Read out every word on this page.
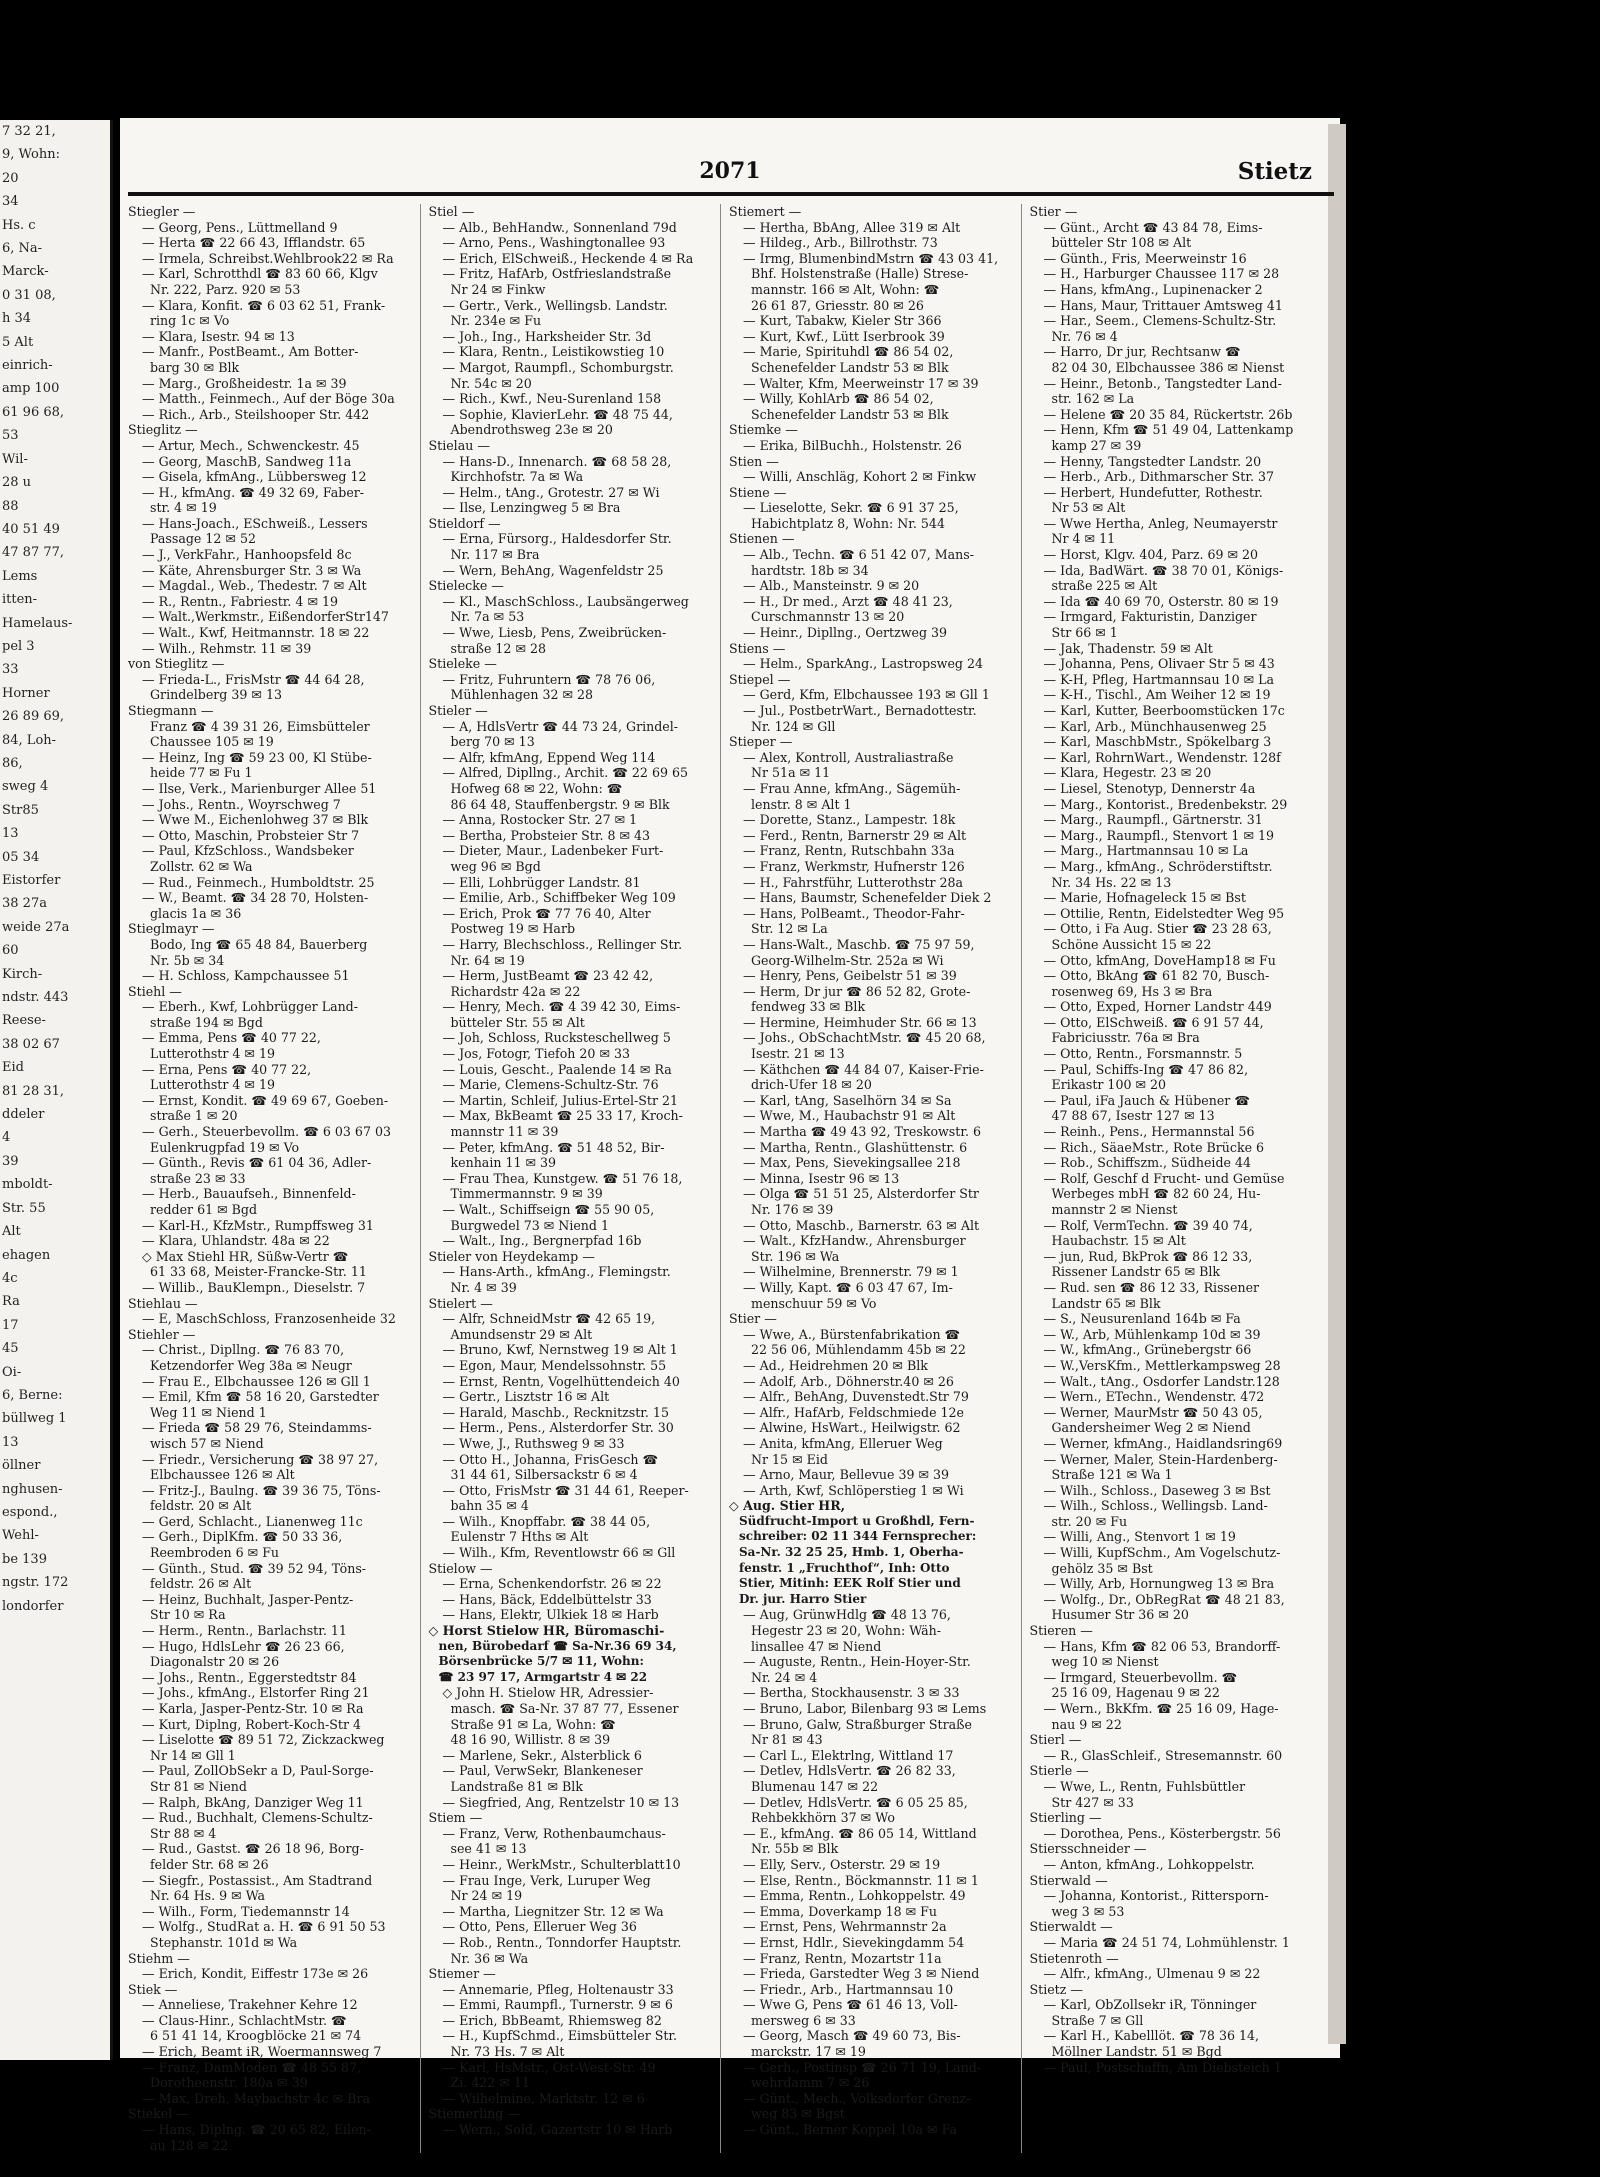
7 32 21,
9, Wohn:
20
34
Hs. c
6, Na-
Marck-
0 31 08,
h 34
5 Alt
einrich-
amp 100
61 96 68,
53
Wil-
28 u
88
40 51 49
47 87 77,
Lems
itten-
Hamelaus-
pel 3
33
Horner
26 89 69,
84, Loh-
86,
sweg 4
Str85
13
05 34
Eistorfer
38 27a
weide 27a
60
Kirch-
ndstr. 443
Reese-
38 02 67
Eid
81 28 31,
ddeler
4
39
mboldt-
Str. 55
Alt
ehagen
4c
Ra
17
45
Oi-
6, Berne:
büllweg 1
13
öllner
nghusen-
espond.,
Wehl-
be 139
ngstr. 172
londorfer
2071	Stietz
Stiegler —
— Georg, Pens., Lüttmelland 9
— Herta ☎ 22 66 43, Ifflandstr. 65
— Irmela, Schreibst.Wehlbrook22 ✉ Ra
— Karl, Schrotthdl ☎ 83 60 66, Klgv
Nr. 222, Parz. 920 ✉ 53
— Klara, Konfit. ☎ 6 03 62 51, Frank-
ring 1c ✉ Vo
— Klara, Isestr. 94 ✉ 13
— Manfr., PostBeamt., Am Botter-
barg 30 ✉ Blk
— Marg., Großheidestr. 1a ✉ 39
— Matth., Feinmech., Auf der Böge 30a
— Rich., Arb., Steilshooper Str. 442
Stieglitz —
— Artur, Mech., Schwenckestr. 45
— Georg, MaschB, Sandweg 11a
— Gisela, kfmAng., Lübbersweg 12
— H., kfmAng. ☎ 49 32 69, Faber-
str. 4 ✉ 19
— Hans-Joach., ESchweiß., Lessers
Passage 12 ✉ 52
— J., VerkFahr., Hanhoopsfeld 8c
— Käte, Ahrensburger Str. 3 ✉ Wa
— Magdal., Web., Thedestr. 7 ✉ Alt
— R., Rentn., Fabriestr. 4 ✉ 19
— Walt.,Werkmstr., EißendorferStr147
— Walt., Kwf, Heitmannstr. 18 ✉ 22
— Wilh., Rehmstr. 11 ✉ 39
von Stieglitz —
— Frieda-L., FrisMstr ☎ 44 64 28,
Grindelberg 39 ✉ 13
Stiegmann —
Franz ☎ 4 39 31 26, Eimsbütteler
Chaussee 105 ✉ 19
— Heinz, Ing ☎ 59 23 00, Kl Stübe-
heide 77 ✉ Fu 1
— Ilse, Verk., Marienburger Allee 51
— Johs., Rentn., Woyrschweg 7
— Wwe M., Eichenlohweg 37 ✉ Blk
— Otto, Maschin, Probsteier Str 7
— Paul, KfzSchloss., Wandsbeker
Zollstr. 62 ✉ Wa
— Rud., Feinmech., Humboldtstr. 25
— W., Beamt. ☎ 34 28 70, Holsten-
glacis 1a ✉ 36
Stieglmayr —
Bodo, Ing ☎ 65 48 84, Bauerberg
Nr. 5b ✉ 34
— H. Schloss, Kampchaussee 51
Stiehl —
— Eberh., Kwf, Lohbrügger Land-
straße 194 ✉ Bgd
— Emma, Pens ☎ 40 77 22,
Lutterothstr 4 ✉ 19
— Erna, Pens ☎ 40 77 22,
Lutterothstr 4 ✉ 19
— Ernst, Kondit. ☎ 49 69 67, Goeben-
straße 1 ✉ 20
— Gerh., Steuerbevollm. ☎ 6 03 67 03
Eulenkrugpfad 19 ✉ Vo
— Günth., Revis ☎ 61 04 36, Adler-
straße 23 ✉ 33
— Herb., Bauaufseh., Binnenfeld-
redder 61 ✉ Bgd
— Karl-H., KfzMstr., Rumpffsweg 31
— Klara, Uhlandstr. 48a ✉ 22
◇ Max Stiehl HR, Süßw-Vertr ☎
61 33 68, Meister-Francke-Str. 11
— Willib., BauKlempn., Dieselstr. 7
Stiehlau —
— E, MaschSchloss, Franzosenheide 32
Stiehler —
— Christ., Dipllng. ☎ 76 83 70,
Ketzendorfer Weg 38a ✉ Neugr
— Frau E., Elbchaussee 126 ✉ Gll 1
— Emil, Kfm ☎ 58 16 20, Garstedter
Weg 11 ✉ Niend 1
— Frieda ☎ 58 29 76, Steindamms-
wisch 57 ✉ Niend
— Friedr., Versicherung ☎ 38 97 27,
Elbchaussee 126 ✉ Alt
— Fritz-J., Baulng. ☎ 39 36 75, Töns-
feldstr. 20 ✉ Alt
— Gerd, Schlacht., Lianenweg 11c
— Gerh., DiplKfm. ☎ 50 33 36,
Reembroden 6 ✉ Fu
— Günth., Stud. ☎ 39 52 94, Töns-
feldstr. 26 ✉ Alt
— Heinz, Buchhalt, Jasper-Pentz-
Str 10 ✉ Ra
— Herm., Rentn., Barlachstr. 11
— Hugo, HdlsLehr ☎ 26 23 66,
Diagonalstr 20 ✉ 26
— Johs., Rentn., Eggerstedtstr 84
— Johs., kfmAng., Elstorfer Ring 21
— Karla, Jasper-Pentz-Str. 10 ✉ Ra
— Kurt, Diplng, Robert-Koch-Str 4
— Liselotte ☎ 89 51 72, Zickzackweg
Nr 14 ✉ Gll 1
— Paul, ZollObSekr a D, Paul-Sorge-
Str 81 ✉ Niend
— Ralph, BkAng, Danziger Weg 11
— Rud., Buchhalt, Clemens-Schultz-
Str 88 ✉ 4
— Rud., Gastst. ☎ 26 18 96, Borg-
felder Str. 68 ✉ 26
— Siegfr., Postassist., Am Stadtrand
Nr. 64 Hs. 9 ✉ Wa
— Wilh., Form, Tiedemannstr 14
— Wolfg., StudRat a. H. ☎ 6 91 50 53
Stephanstr. 101d ✉ Wa
Stiehm —
— Erich, Kondit, Eiffestr 173e ✉ 26
Stiek —
— Anneliese, Trakehner Kehre 12
— Claus-Hinr., SchlachtMstr. ☎
6 51 41 14, Kroogblöcke 21 ✉ 74
— Erich, Beamt iR, Woermannsweg 7
— Franz, DamModen ☎ 48 55 87,
Dorotheenstr. 180a ✉ 39
— Max, Dreh, Maybachstr 4c ✉ Bra
Stiekel —
— Hans, Diplng. ☎ 20 65 82, Eilen-
au 128 ✉ 22
Stiel —
— Alb., BehHandw., Sonnenland 79d
— Arno, Pens., Washingtonallee 93
— Erich, ElSchweiß., Heckende 4 ✉ Ra
— Fritz, HafArb, Ostfrieslandstraße
Nr 24 ✉ Finkw
— Gertr., Verk., Wellingsb. Landstr.
Nr. 234e ✉ Fu
— Joh., Ing., Harksheider Str. 3d
— Klara, Rentn., Leistikowstieg 10
— Margot, Raumpfl., Schomburgstr.
Nr. 54c ✉ 20
— Rich., Kwf., Neu-Surenland 158
— Sophie, KlavierLehr. ☎ 48 75 44,
Abendrothsweg 23e ✉ 20
Stielau —
— Hans-D., Innenarch. ☎ 68 58 28,
Kirchhofstr. 7a ✉ Wa
— Helm., tAng., Grotestr. 27 ✉ Wi
— Ilse, Lenzingweg 5 ✉ Bra
Stieldorf —
— Erna, Fürsorg., Haldesdorfer Str.
Nr. 117 ✉ Bra
— Wern, BehAng, Wagenfeldstr 25
Stielecke —
— Kl., MaschSchloss., Laubsängerweg
Nr. 7a ✉ 53
— Wwe, Liesb, Pens, Zweibrücken-
straße 12 ✉ 28
Stieleke —
— Fritz, Fuhruntern ☎ 78 76 06,
Mühlenhagen 32 ✉ 28
Stieler —
— A, HdlsVertr ☎ 44 73 24, Grindel-
berg 70 ✉ 13
— Alfr, kfmAng, Eppend Weg 114
— Alfred, Dipllng., Archit. ☎ 22 69 65
Hofweg 68 ✉ 22, Wohn: ☎
86 64 48, Stauffenbergstr. 9 ✉ Blk
— Anna, Rostocker Str. 27 ✉ 1
— Bertha, Probsteier Str. 8 ✉ 43
— Dieter, Maur., Ladenbeker Furt-
weg 96 ✉ Bgd
— Elli, Lohbrügger Landstr. 81
— Emilie, Arb., Schiffbeker Weg 109
— Erich, Prok ☎ 77 76 40, Alter
Postweg 19 ✉ Harb
— Harry, Blechschloss., Rellinger Str.
Nr. 64 ✉ 19
— Herm, JustBeamt ☎ 23 42 42,
Richardstr 42a ✉ 22
— Henry, Mech. ☎ 4 39 42 30, Eims-
bütteler Str. 55 ✉ Alt
— Joh, Schloss, Rucksteschellweg 5
— Jos, Fotogr, Tiefoh 20 ✉ 33
— Louis, Gescht., Paalende 14 ✉ Ra
— Marie, Clemens-Schultz-Str. 76
— Martin, Schleif, Julius-Ertel-Str 21
— Max, BkBeamt ☎ 25 33 17, Kroch-
mannstr 11 ✉ 39
— Peter, kfmAng. ☎ 51 48 52, Bir-
kenhain 11 ✉ 39
— Frau Thea, Kunstgew. ☎ 51 76 18,
Timmermannstr. 9 ✉ 39
— Walt., Schiffseign ☎ 55 90 05,
Burgwedel 73 ✉ Niend 1
— Walt., Ing., Bergnerpfad 16b
Stieler von Heydekamp —
— Hans-Arth., kfmAng., Flemingstr.
Nr. 4 ✉ 39
Stielert —
— Alfr, SchneidMstr ☎ 42 65 19,
Amundsenstr 29 ✉ Alt
— Bruno, Kwf, Nernstweg 19 ✉ Alt 1
— Egon, Maur, Mendelssohnstr. 55
— Ernst, Rentn, Vogelhüttendeich 40
— Gertr., Lisztstr 16 ✉ Alt
— Harald, Maschb., Recknitzstr. 15
— Herm., Pens., Alsterdorfer Str. 30
— Wwe, J., Ruthsweg 9 ✉ 33
— Otto H., Johanna, FrisGesch ☎
31 44 61, Silbersackstr 6 ✉ 4
— Otto, FrisMstr ☎ 31 44 61, Reeper-
bahn 35 ✉ 4
— Wilh., Knopffabr. ☎ 38 44 05,
Eulenstr 7 Hths ✉ Alt
— Wilh., Kfm, Reventlowstr 66 ✉ Gll
Stielow —
— Erna, Schenkendorfstr. 26 ✉ 22
— Hans, Bäck, Eddelbüttelstr 33
— Hans, Elektr, Ulkiek 18 ✉ Harb
◇ Horst Stielow HR, Büromaschi-
nen, Bürobedarf ☎ Sa-Nr.36 69 34,
Börsenbrücke 5/7 ✉ 11, Wohn:
☎ 23 97 17, Armgartstr 4 ✉ 22
◇ John H. Stielow HR, Adressier-
masch. ☎ Sa-Nr. 37 87 77, Essener
Straße 91 ✉ La, Wohn: ☎
48 16 90, Willistr. 8 ✉ 39
— Marlene, Sekr., Alsterblick 6
— Paul, VerwSekr, Blankeneser
Landstraße 81 ✉ Blk
— Siegfried, Ang, Rentzelstr 10 ✉ 13
Stiem —
— Franz, Verw, Rothenbaumchaus-
see 41 ✉ 13
— Heinr., WerkMstr., Schulterblatt10
— Frau Inge, Verk, Luruper Weg
Nr 24 ✉ 19
— Martha, Liegnitzer Str. 12 ✉ Wa
— Otto, Pens, Elleruer Weg 36
— Rob., Rentn., Tonndorfer Hauptstr.
Nr. 36 ✉ Wa
Stiemer —
— Annemarie, Pfleg, Holtenaustr 33
— Emmi, Raumpfl., Turnerstr. 9 ✉ 6
— Erich, BbBeamt, Rhiemsweg 82
— H., KupfSchmd., Eimsbütteler Str.
Nr. 73 Hs. 7 ✉ Alt
— Karl, HsMstr., Ost-West-Str. 49
Zi. 422 ✉ 11
— Wilhelmine, Marktstr. 12 ✉ 6
Stiemerling —
— Wern., Sold, Gazertstr 10 ✉ Harb
Stiemert —
— Hertha, BbAng, Allee 319 ✉ Alt
— Hildeg., Arb., Billrothstr. 73
— Irmg, BlumenbindMstrn ☎ 43 03 41,
Bhf. Holstenstraße (Halle) Strese-
mannstr. 166 ✉ Alt, Wohn: ☎
26 61 87, Griesstr. 80 ✉ 26
— Kurt, Tabakw, Kieler Str 366
— Kurt, Kwf., Lütt Iserbrook 39
— Marie, Spirituhdl ☎ 86 54 02,
Schenefelder Landstr 53 ✉ Blk
— Walter, Kfm, Meerweinstr 17 ✉ 39
— Willy, KohlArb ☎ 86 54 02,
Schenefelder Landstr 53 ✉ Blk
Stiemke —
— Erika, BilBuchh., Holstenstr. 26
Stien —
— Willi, Anschläg, Kohort 2 ✉ Finkw
Stiene —
— Lieselotte, Sekr. ☎ 6 91 37 25,
Habichtplatz 8, Wohn: Nr. 544
Stienen —
— Alb., Techn. ☎ 6 51 42 07, Mans-
hardtstr. 18b ✉ 34
— Alb., Mansteinstr. 9 ✉ 20
— H., Dr med., Arzt ☎ 48 41 23,
Curschmannstr 13 ✉ 20
— Heinr., Dipllng., Oertzweg 39
Stiens —
— Helm., SparkAng., Lastropsweg 24
Stiepel —
— Gerd, Kfm, Elbchaussee 193 ✉ Gll 1
— Jul., PostbetrWart., Bernadottestr.
Nr. 124 ✉ Gll
Stieper —
— Alex, Kontroll, Australiastraße
Nr 51a ✉ 11
— Frau Anne, kfmAng., Sägemüh-
lenstr. 8 ✉ Alt 1
— Dorette, Stanz., Lampestr. 18k
— Ferd., Rentn, Barnerstr 29 ✉ Alt
— Franz, Rentn, Rutschbahn 33a
— Franz, Werkmstr, Hufnerstr 126
— H., Fahrstführ, Lutterothstr 28a
— Hans, Baumstr, Schenefelder Diek 2
— Hans, PolBeamt., Theodor-Fahr-
Str. 12 ✉ La
— Hans-Walt., Maschb. ☎ 75 97 59,
Georg-Wilhelm-Str. 252a ✉ Wi
— Henry, Pens, Geibelstr 51 ✉ 39
— Herm, Dr jur ☎ 86 52 82, Grote-
fendweg 33 ✉ Blk
— Hermine, Heimhuder Str. 66 ✉ 13
— Johs., ObSchachtMstr. ☎ 45 20 68,
Isestr. 21 ✉ 13
— Käthchen ☎ 44 84 07, Kaiser-Frie-
drich-Ufer 18 ✉ 20
— Karl, tAng, Saselhörn 34 ✉ Sa
— Wwe, M., Haubachstr 91 ✉ Alt
— Martha ☎ 49 43 92, Treskowstr. 6
— Martha, Rentn., Glashüttenstr. 6
— Max, Pens, Sievekingsallee 218
— Minna, Isestr 96 ✉ 13
— Olga ☎ 51 51 25, Alsterdorfer Str
Nr. 176 ✉ 39
— Otto, Maschb., Barnerstr. 63 ✉ Alt
— Walt., KfzHandw., Ahrensburger
Str. 196 ✉ Wa
— Wilhelmine, Brennerstr. 79 ✉ 1
— Willy, Kapt. ☎ 6 03 47 67, Im-
menschuur 59 ✉ Vo
Stier —
— Wwe, A., Bürstenfabrikation ☎
22 56 06, Mühlendamm 45b ✉ 22
— Ad., Heidrehmen 20 ✉ Blk
— Adolf, Arb., Döhnerstr.40 ✉ 26
— Alfr., BehAng, Duvenstedt.Str 79
— Alfr., HafArb, Feldschmiede 12e
— Alwine, HsWart., Heilwigstr. 62
— Anita, kfmAng, Elleruer Weg
Nr 15 ✉ Eid
— Arno, Maur, Bellevue 39 ✉ 39
— Arth, Kwf, Schlöperstieg 1 ✉ Wi
◇ Aug. Stier HR,
Südfrucht-Import u Großhdl, Fern-
schreiber: 02 11 344 Fernsprecher:
Sa-Nr. 32 25 25, Hmb. 1, Oberha-
fenstr. 1 „Fruchthof“, Inh: Otto
Stier, Mitinh: EEK Rolf Stier und
Dr. jur. Harro Stier
— Aug, GrünwHdlg ☎ 48 13 76,
Hegestr 23 ✉ 20, Wohn: Wäh-
linsallee 47 ✉ Niend
— Auguste, Rentn., Hein-Hoyer-Str.
Nr. 24 ✉ 4
— Bertha, Stockhausenstr. 3 ✉ 33
— Bruno, Labor, Bilenbarg 93 ✉ Lems
— Bruno, Galw, Straßburger Straße
Nr 81 ✉ 43
— Carl L., Elektrlng, Wittland 17
— Detlev, HdlsVertr. ☎ 26 82 33,
Blumenau 147 ✉ 22
— Detlev, HdlsVertr. ☎ 6 05 25 85,
Rehbekkhörn 37 ✉ Wo
— E., kfmAng. ☎ 86 05 14, Wittland
Nr. 55b ✉ Blk
— Elly, Serv., Osterstr. 29 ✉ 19
— Else, Rentn., Böckmannstr. 11 ✉ 1
— Emma, Rentn., Lohkoppelstr. 49
— Emma, Doverkamp 18 ✉ Fu
— Ernst, Pens, Wehrmannstr 2a
— Ernst, Hdlr., Sievekingdamm 54
— Franz, Rentn, Mozartstr 11a
— Frieda, Garstedter Weg 3 ✉ Niend
— Friedr., Arb., Hartmannsau 10
— Wwe G, Pens ☎ 61 46 13, Voll-
mersweg 6 ✉ 33
— Georg, Masch ☎ 49 60 73, Bis-
marckstr. 17 ✉ 19
— Gerh., Postinsp ☎ 26 71 19, Land-
wehrdamm 7 ✉ 26
— Günt., Mech., Volksdorfer Grenz-
weg 83 ✉ Bgst
— Günt., Berner Koppel 10a ✉ Fa
Stier —
— Günt., Archt ☎ 43 84 78, Eims-
bütteler Str 108 ✉ Alt
— Günth., Fris, Meerweinstr 16
— H., Harburger Chaussee 117 ✉ 28
— Hans, kfmAng., Lupinenacker 2
— Hans, Maur, Trittauer Amtsweg 41
— Har., Seem., Clemens-Schultz-Str.
Nr. 76 ✉ 4
— Harro, Dr jur, Rechtsanw ☎
82 04 30, Elbchaussee 386 ✉ Nienst
— Heinr., Betonb., Tangstedter Land-
str. 162 ✉ La
— Helene ☎ 20 35 84, Rückertstr. 26b
— Henn, Kfm ☎ 51 49 04, Lattenkamp
kamp 27 ✉ 39
— Henny, Tangstedter Landstr. 20
— Herb., Arb., Dithmarscher Str. 37
— Herbert, Hundefutter, Rothestr.
Nr 53 ✉ Alt
— Wwe Hertha, Anleg, Neumayerstr
Nr 4 ✉ 11
— Horst, Klgv. 404, Parz. 69 ✉ 20
— Ida, BadWärt. ☎ 38 70 01, Königs-
straße 225 ✉ Alt
— Ida ☎ 40 69 70, Osterstr. 80 ✉ 19
— Irmgard, Fakturistin, Danziger
Str 66 ✉ 1
— Jak, Thadenstr. 59 ✉ Alt
— Johanna, Pens, Olivaer Str 5 ✉ 43
— K-H, Pfleg, Hartmannsau 10 ✉ La
— K-H., Tischl., Am Weiher 12 ✉ 19
— Karl, Kutter, Beerboomstücken 17c
— Karl, Arb., Münchhausenweg 25
— Karl, MaschbMstr., Spökelbarg 3
— Karl, RohrnWart., Wendenstr. 128f
— Klara, Hegestr. 23 ✉ 20
— Liesel, Stenotyp, Dennerstr 4a
— Marg., Kontorist., Bredenbekstr. 29
— Marg., Raumpfl., Gärtnerstr. 31
— Marg., Raumpfl., Stenvort 1 ✉ 19
— Marg., Hartmannsau 10 ✉ La
— Marg., kfmAng., Schröderstiftstr.
Nr. 34 Hs. 22 ✉ 13
— Marie, Hofnageleck 15 ✉ Bst
— Ottilie, Rentn, Eidelstedter Weg 95
— Otto, i Fa Aug. Stier ☎ 23 28 63,
Schöne Aussicht 15 ✉ 22
— Otto, kfmAng, DoveHamp18 ✉ Fu
— Otto, BkAng ☎ 61 82 70, Busch-
rosenweg 69, Hs 3 ✉ Bra
— Otto, Exped, Horner Landstr 449
— Otto, ElSchweiß. ☎ 6 91 57 44,
Fabriciusstr. 76a ✉ Bra
— Otto, Rentn., Forsmannstr. 5
— Paul, Schiffs-Ing ☎ 47 86 82,
Erikastr 100 ✉ 20
— Paul, iFa Jauch & Hübener ☎
47 88 67, Isestr 127 ✉ 13
— Reinh., Pens., Hermannstal 56
— Rich., SäaeMstr., Rote Brücke 6
— Rob., Schiffszm., Südheide 44
— Rolf, Geschf d Frucht- und Gemüse
Werbeges mbH ☎ 82 60 24, Hu-
mannstr 2 ✉ Nienst
— Rolf, VermTechn. ☎ 39 40 74,
Haubachstr. 15 ✉ Alt
— jun, Rud, BkProk ☎ 86 12 33,
Rissener Landstr 65 ✉ Blk
— Rud. sen ☎ 86 12 33, Rissener
Landstr 65 ✉ Blk
— S., Neusurenland 164b ✉ Fa
— W., Arb, Mühlenkamp 10d ✉ 39
— W., kfmAng., Grünebergstr 66
— W.,VersKfm., Mettlerkampsweg 28
— Walt., tAng., Osdorfer Landstr.128
— Wern., ETechn., Wendenstr. 472
— Werner, MaurMstr ☎ 50 43 05,
Gandersheimer Weg 2 ✉ Niend
— Werner, kfmAng., Haidlandsring69
— Werner, Maler, Stein-Hardenberg-
Straße 121 ✉ Wa 1
— Wilh., Schloss., Daseweg 3 ✉ Bst
— Wilh., Schloss., Wellingsb. Land-
str. 20 ✉ Fu
— Willi, Ang., Stenvort 1 ✉ 19
— Willi, KupfSchm., Am Vogelschutz-
gehölz 35 ✉ Bst
— Willy, Arb, Hornungweg 13 ✉ Bra
— Wolfg., Dr., ObRegRat ☎ 48 21 83,
Husumer Str 36 ✉ 20
Stieren —
— Hans, Kfm ☎ 82 06 53, Brandorff-
weg 10 ✉ Nienst
— Irmgard, Steuerbevollm. ☎
25 16 09, Hagenau 9 ✉ 22
— Wern., BkKfm. ☎ 25 16 09, Hage-
nau 9 ✉ 22
Stierl —
— R., GlasSchleif., Stresemannstr. 60
Stierle —
— Wwe, L., Rentn, Fuhlsbüttler
Str 427 ✉ 33
Stierling —
— Dorothea, Pens., Kösterbergstr. 56
Stiersschneider —
— Anton, kfmAng., Lohkoppelstr.
Stierwald —
— Johanna, Kontorist., Rittersporn-
weg 3 ✉ 53
Stierwaldt —
— Maria ☎ 24 51 74, Lohmühlenstr. 1
Stietenroth —
— Alfr., kfmAng., Ulmenau 9 ✉ 22
Stietz —
— Karl, ObZollsekr iR, Tönninger
Straße 7 ✉ Gll
— Karl H., Kabelllöt. ☎ 78 36 14,
Möllner Landstr. 51 ✉ Bgd
— Paul, Postschaffn, Am Diebsteich 1
